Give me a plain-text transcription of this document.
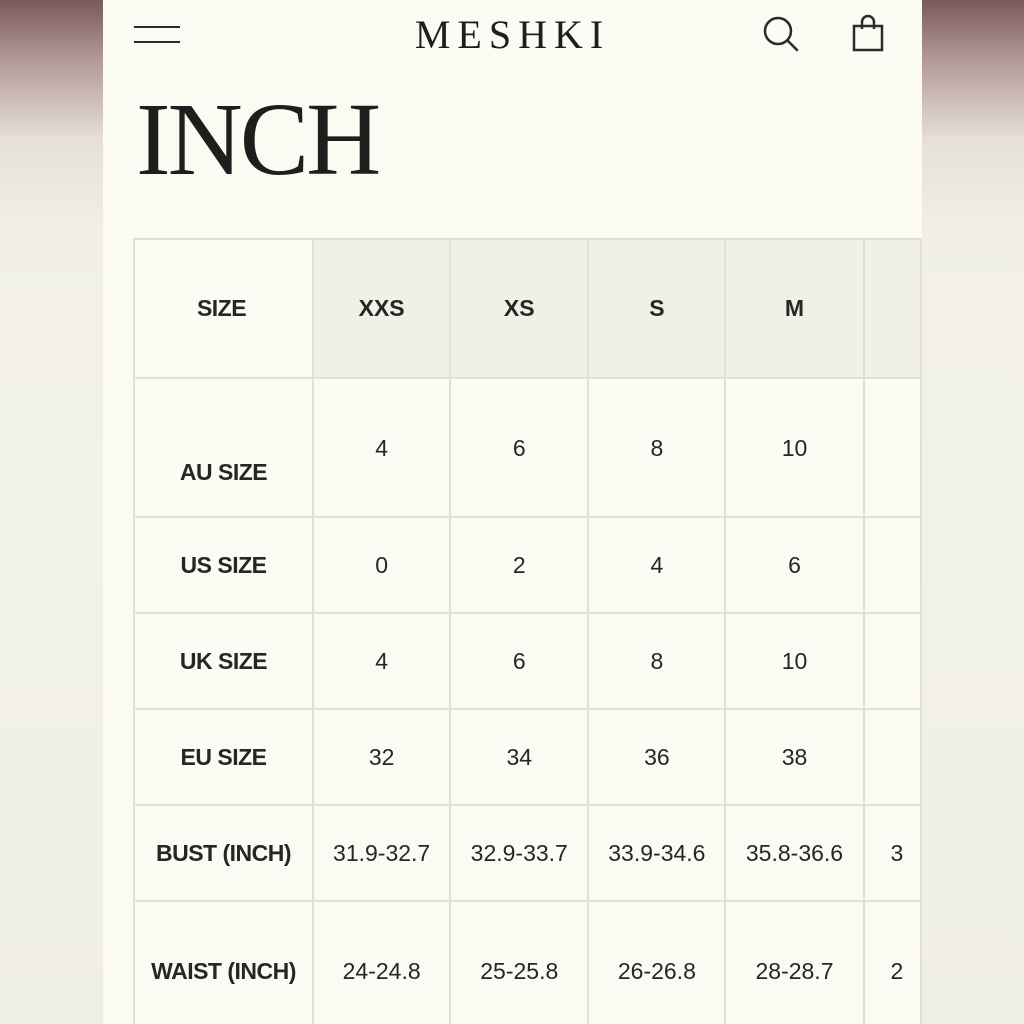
MESHKI
INCH
SIZE	XXS	XS	S	M	
AU SIZE	4	6	8	10	
US SIZE	0	2	4	6	
UK SIZE	4	6	8	10	
EU SIZE	32	34	36	38	
BUST (INCH)	31.9-32.7	32.9-33.7	33.9-34.6	35.8-36.6	3
WAIST (INCH)	24-24.8	25-25.8	26-26.8	28-28.7	2
